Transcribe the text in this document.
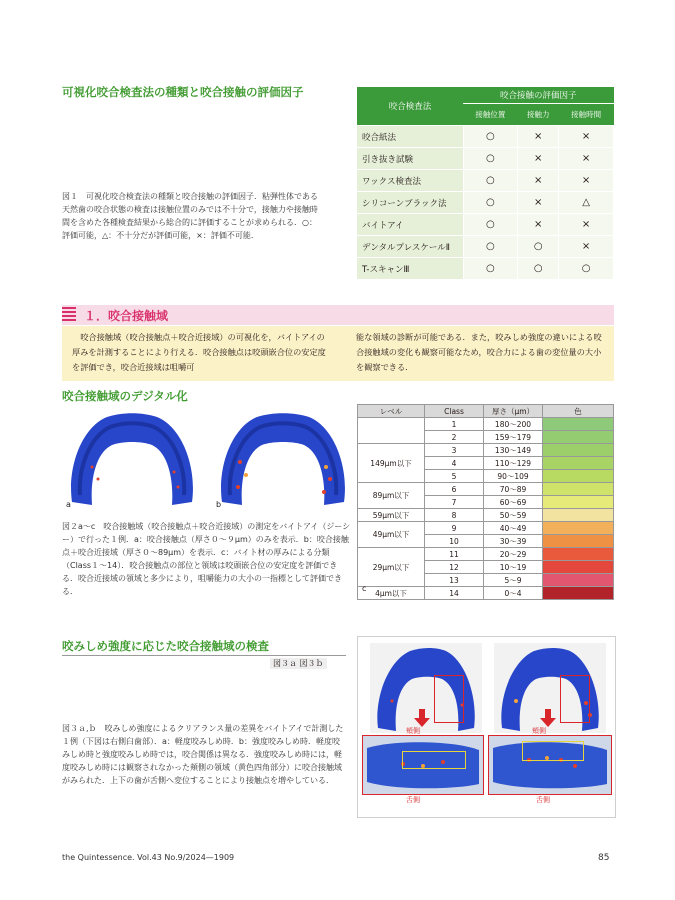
可視化咬合検査法の種類と咬合接触の評価因子
図１　可視化咬合検査法の種類と咬合接触の評価因子．粘弾性体である天然歯の咬合状態の検査は接触位置のみでは不十分で，接触力や接触時間を含めた各種検査結果から総合的に評価することが求められる．○：評価可能，△：不十分だが評価可能，×：評価不可能．
咬合検査法	咬合接触の評価因子		
	接触位置	接触力	接触時間
咬合紙法	○	×	×
引き抜き試験	○	×	×
ワックス検査法	○	×	×
シリコーンブラック法	○	×	△
バイトアイ	○	×	×
デンタルプレスケールⅡ	○	○	×
T-スキャンⅢ	○	○	○
１．咬合接触域
咬合接触域（咬合接触点＋咬合近接域）の可視化を，バイトアイの厚みを計測することにより行える．咬合接触点は咬頭嵌合位の安定度を評価でき，咬合近接域は咀嚼可
能な領域の診断が可能である．また，咬みしめ強度の違いによる咬合接触域の変化も観察可能なため，咬合力による歯の変位量の大小を観察できる．
咬合接触域のデジタル化
a	b
図２a〜c　咬合接触域（咬合接触点＋咬合近接域）の測定をバイトアイ（ジーシー）で行った１例．a：咬合接触点（厚さ０〜９μm）のみを表示．b：咬合接触点＋咬合近接域（厚さ０〜89μm）を表示．c：バイト材の厚みによる分類（Class１〜14）．咬合接触点の部位と領域は咬頭嵌合位の安定度を評価できる．咬合近接域の領域と多少により，咀嚼能力の大小の一指標として評価できる．
レベル	Class	厚さ（μm）	色
	1	180〜200	
	2	159〜179	
149μm以下	3	130〜149	
	4	110〜129	
	5	90〜109	
89μm以下	6	70〜89	
	7	60〜69	
59μm以下	8	50〜59	
49μm以下	9	40〜49	
	10	30〜39	
29μm以下	11	20〜29	
	12	10〜19	
	13	5〜9	

c 4μm以下	14	0〜4	
咬みしめ強度に応じた咬合接触域の検査
図３ａ 図３ｂ
図３ａ,ｂ　咬みしめ強度によるクリアランス量の差異をバイトアイで計測した１例（下図は右側臼歯部）．a：軽度咬みしめ時．b：強度咬みしめ時．軽度咬みしめ時と強度咬みしめ時では，咬合関係は異なる．強度咬みしめ時には，軽度咬みしめ時には観察されなかった頬側の領域（黄色四角部分）に咬合接触域がみられた．上下の歯が舌側へ変位することにより接触点を増やしている．
頬側	頬側
舌側	舌側
the Quintessence. Vol.43 No.9/2024—1909	85
